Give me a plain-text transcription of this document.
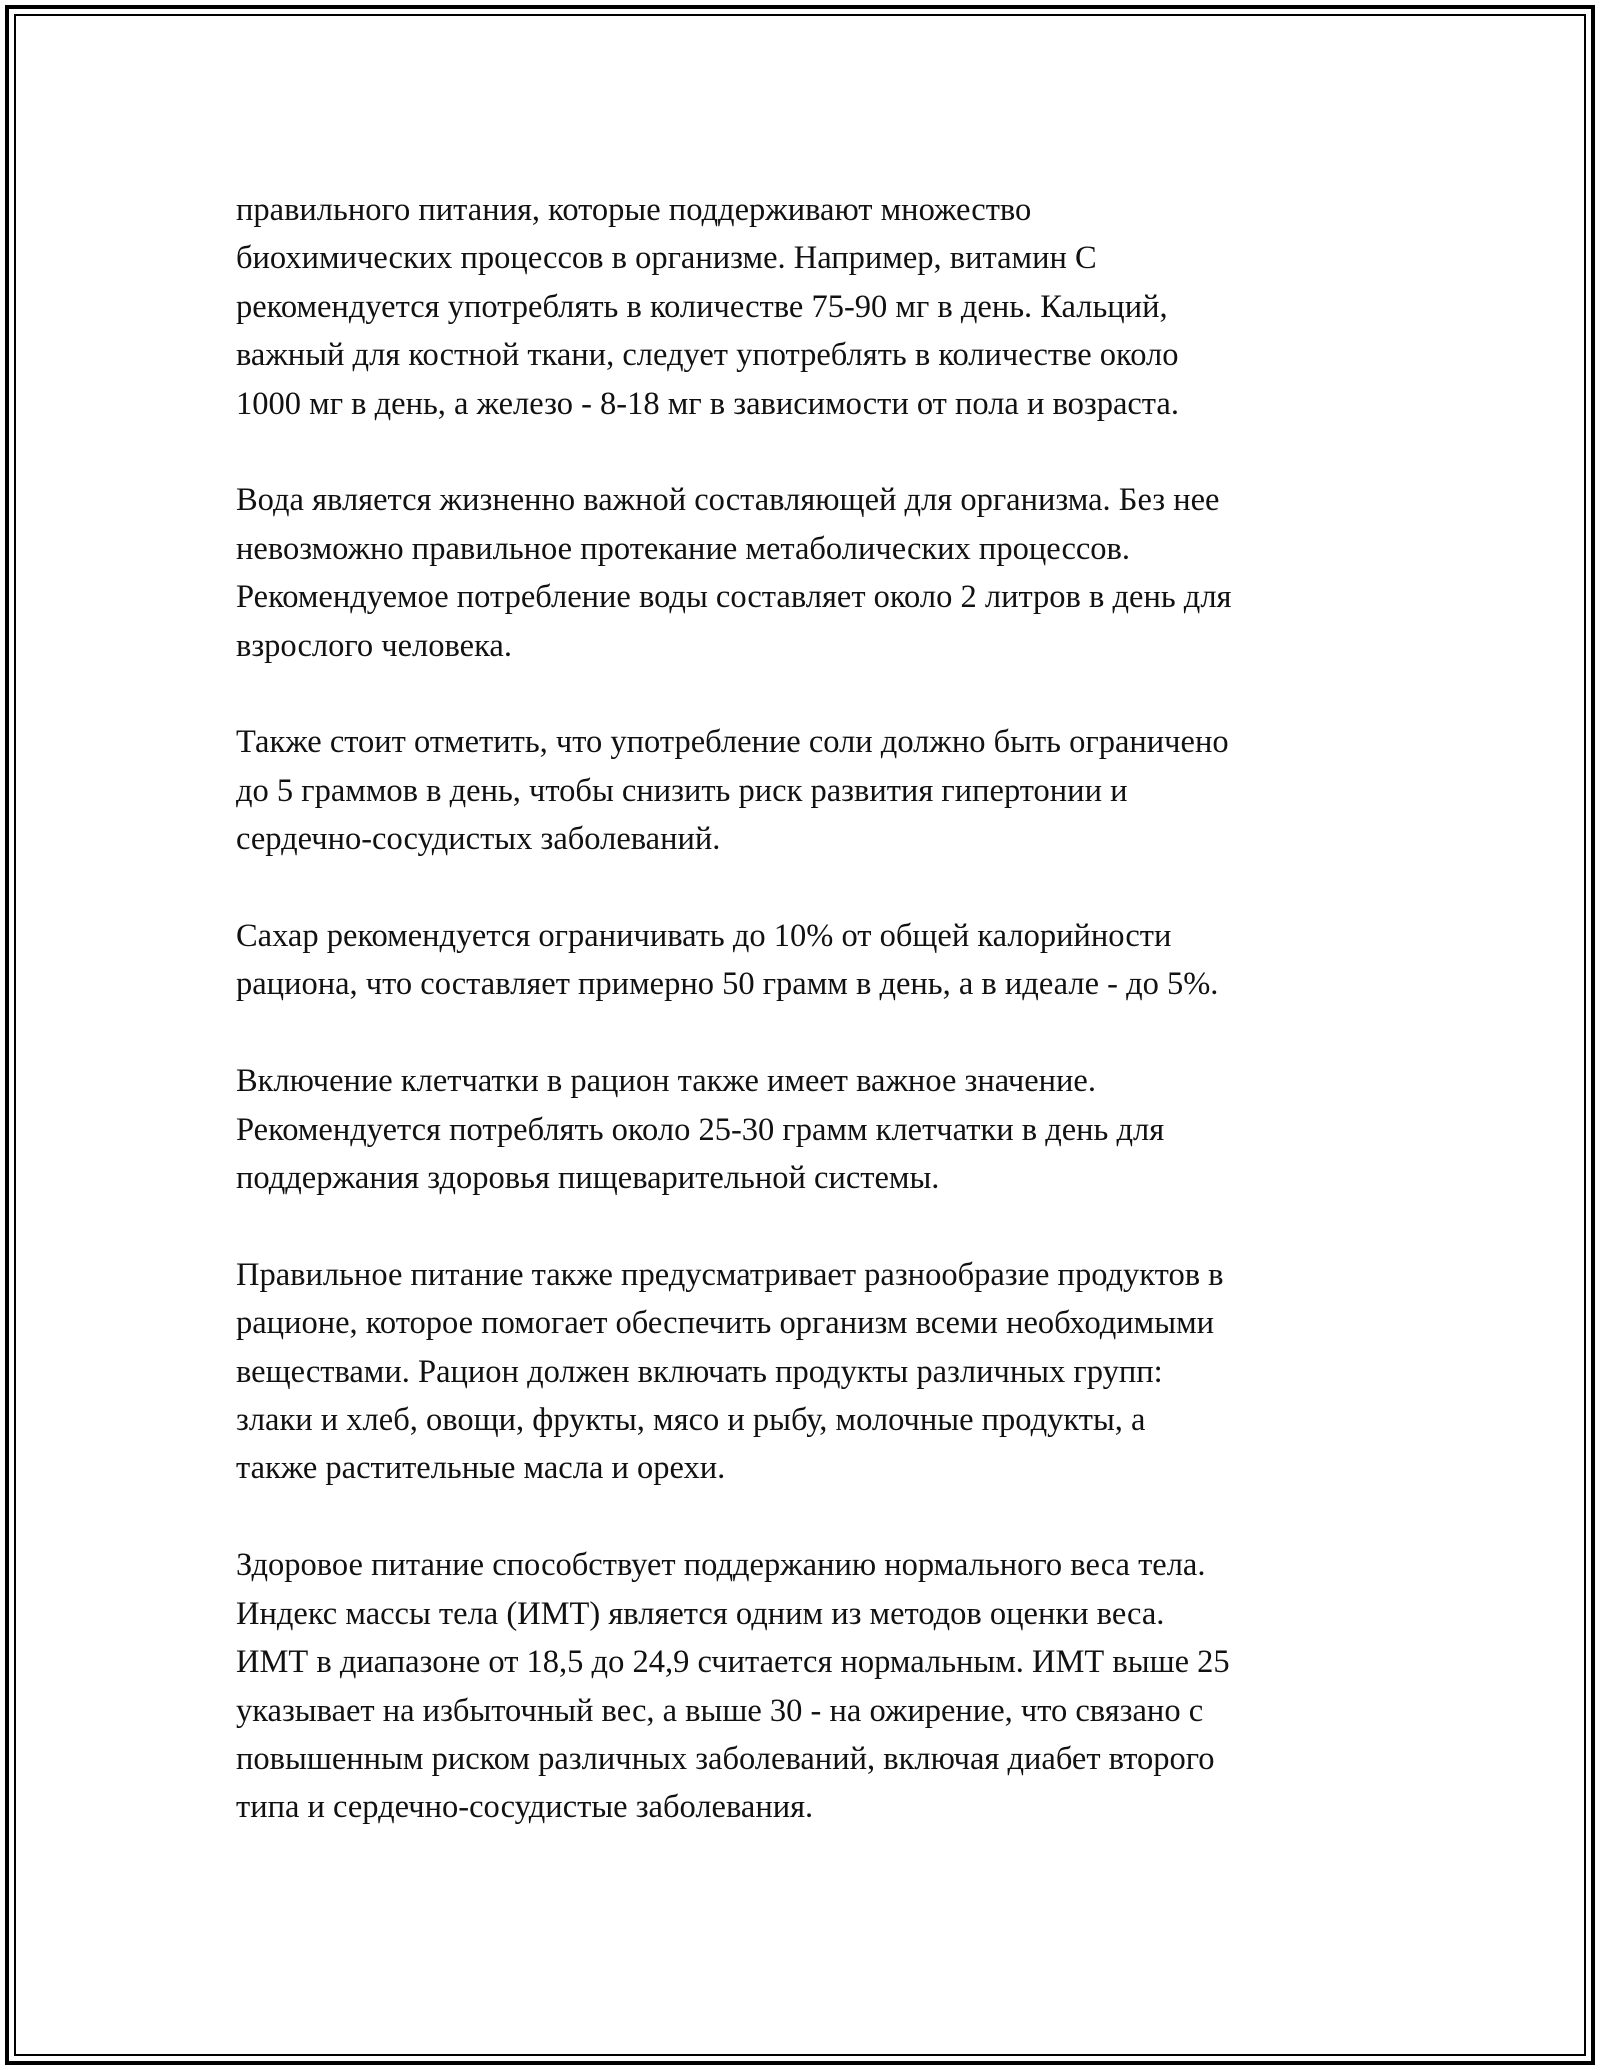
правильного питания, которые поддерживают множество
биохимических процессов в организме. Например, витамин С
рекомендуется употреблять в количестве 75-90 мг в день. Кальций,
важный для костной ткани, следует употреблять в количестве около
1000 мг в день, а железо - 8-18 мг в зависимости от пола и возраста.

Вода является жизненно важной составляющей для организма. Без нее
невозможно правильное протекание метаболических процессов.
Рекомендуемое потребление воды составляет около 2 литров в день для
взрослого человека.

Также стоит отметить, что употребление соли должно быть ограничено
до 5 граммов в день, чтобы снизить риск развития гипертонии и
сердечно-сосудистых заболеваний.

Сахар рекомендуется ограничивать до 10% от общей калорийности
рациона, что составляет примерно 50 грамм в день, а в идеале - до 5%.

Включение клетчатки в рацион также имеет важное значение.
Рекомендуется потреблять около 25-30 грамм клетчатки в день для
поддержания здоровья пищеварительной системы.

Правильное питание также предусматривает разнообразие продуктов в
рационе, которое помогает обеспечить организм всеми необходимыми
веществами. Рацион должен включать продукты различных групп:
злаки и хлеб, овощи, фрукты, мясо и рыбу, молочные продукты, а
также растительные масла и орехи.

Здоровое питание способствует поддержанию нормального веса тела.
Индекс массы тела (ИМТ) является одним из методов оценки веса.
ИМТ в диапазоне от 18,5 до 24,9 считается нормальным. ИМТ выше 25
указывает на избыточный вес, а выше 30 - на ожирение, что связано с
повышенным риском различных заболеваний, включая диабет второго
типа и сердечно-сосудистые заболевания.
